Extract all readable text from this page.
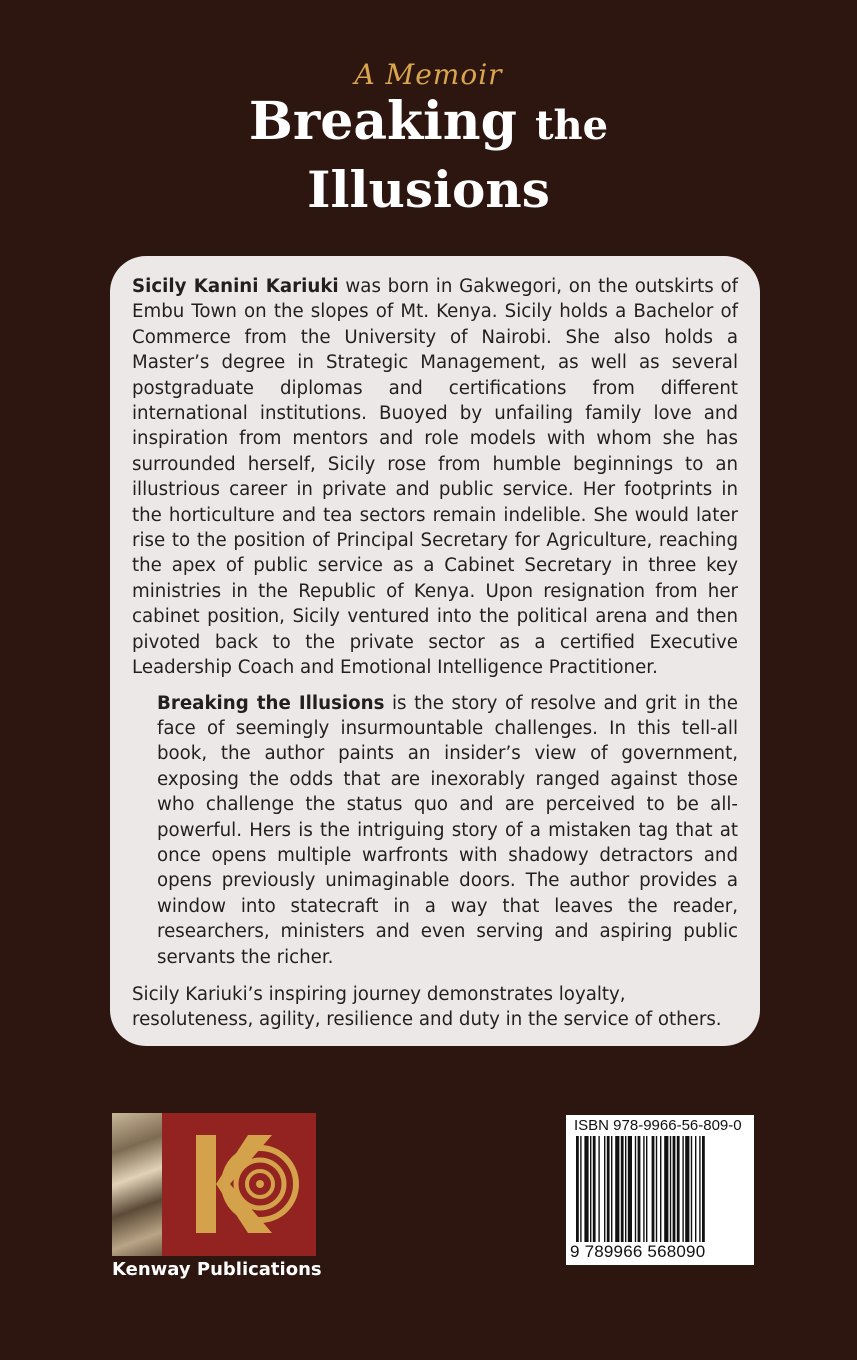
A Memoir
Breaking the
Illusions

Sicily Kanini Kariuki was born in Gakwegori, on the outskirts of Embu Town on the slopes of Mt. Kenya. Sicily holds a Bachelor of Commerce from the University of Nairobi. She also holds a Master’s degree in Strategic Management, as well as several postgraduate diplomas and certifications from different international institutions. Buoyed by unfailing family love and inspiration from mentors and role models with whom she has surrounded herself, Sicily rose from humble beginnings to an illustrious career in private and public service. Her footprints in the horticulture and tea sectors remain indelible. She would later rise to the position of Principal Secretary for Agriculture, reaching the apex of public service as a Cabinet Secretary in three key ministries in the Republic of Kenya. Upon resignation from her cabinet position, Sicily ventured into the political arena and then pivoted back to the private sector as a certified Executive Leadership Coach and Emotional Intelligence Practitioner.

Breaking the Illusions is the story of resolve and grit in the face of seemingly insurmountable challenges. In this tell-all book, the author paints an insider’s view of government, exposing the odds that are inexorably ranged against those who challenge the status quo and are perceived to be all-powerful. Hers is the intriguing story of a mistaken tag that at once opens multiple warfronts with shadowy detractors and opens previously unimaginable doors. The author provides a window into statecraft in a way that leaves the reader, researchers, ministers and even serving and aspiring public servants the richer.

Sicily Kariuki’s inspiring journey demonstrates loyalty, resoluteness, agility, resilience and duty in the service of others.

Kenway Publications
ISBN 978-9966-56-809-0
9 789966 568090
